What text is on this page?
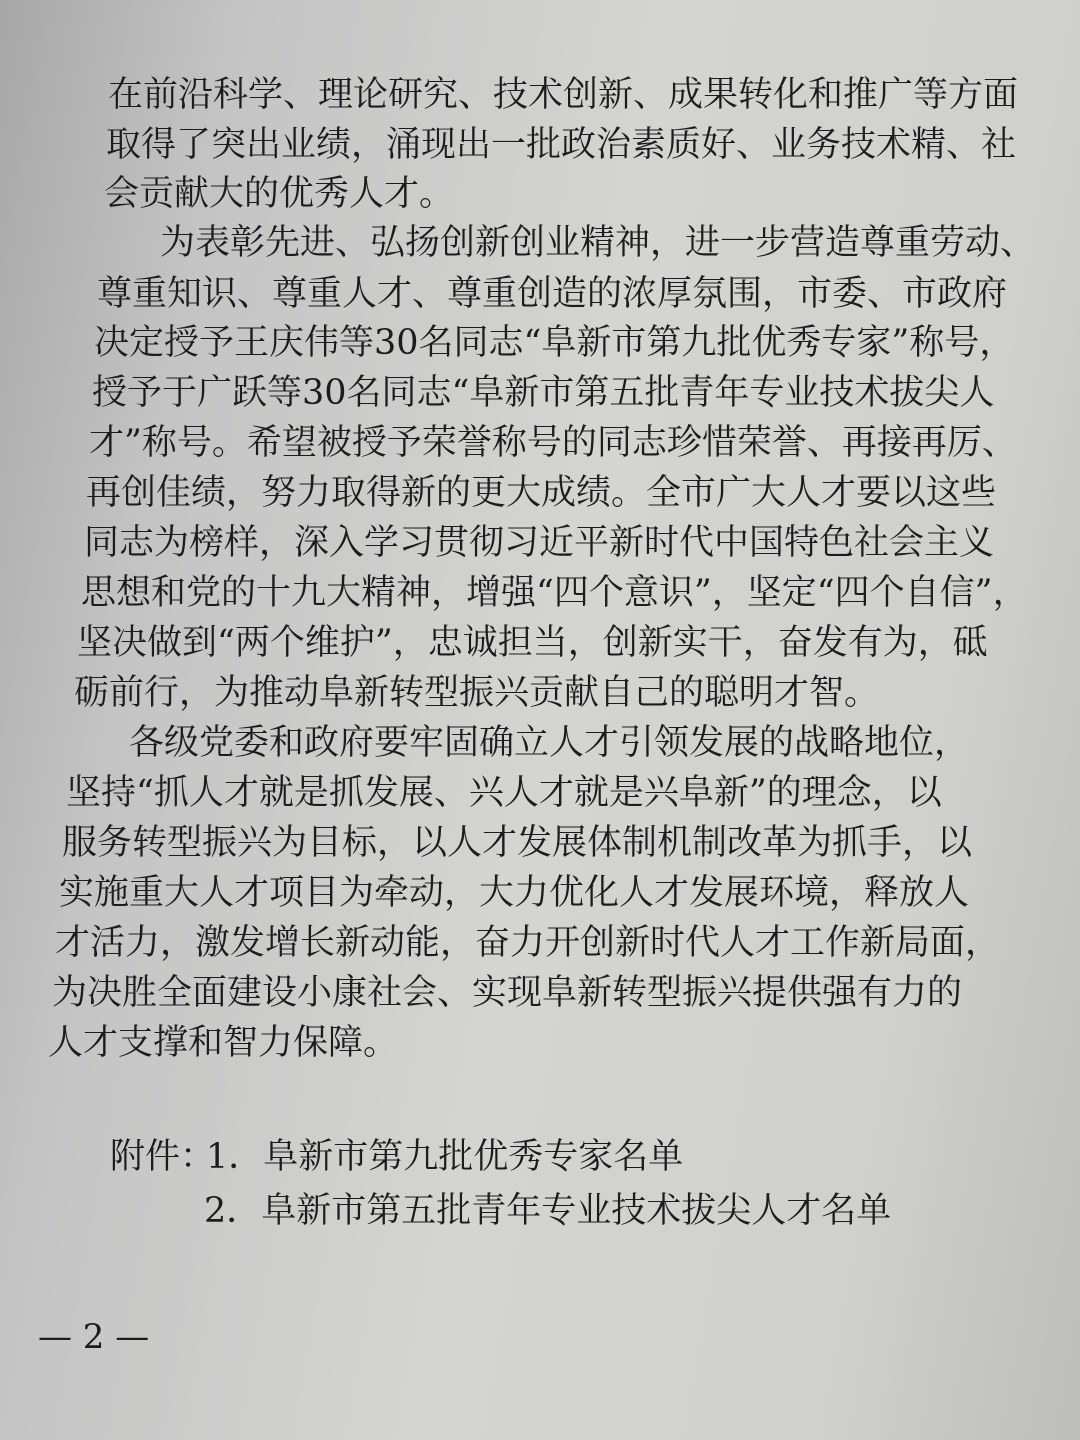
在前沿科学、理论研究、技术创新、成果转化和推广等方面
取得了突出业绩，涌现出一批政治素质好、业务技术精、社
会贡献大的优秀人才。
为表彰先进、弘扬创新创业精神，进一步营造尊重劳动、
尊重知识、尊重人才、尊重创造的浓厚氛围，市委、市政府
决定授予王庆伟等30名同志“阜新市第九批优秀专家”称号，
授予于广跃等30名同志“阜新市第五批青年专业技术拔尖人
才”称号。希望被授予荣誉称号的同志珍惜荣誉、再接再厉、
再创佳绩，努力取得新的更大成绩。全市广大人才要以这些
同志为榜样，深入学习贯彻习近平新时代中国特色社会主义
思想和党的十九大精神，增强“四个意识”，坚定“四个自信”，
坚决做到“两个维护”，忠诚担当，创新实干，奋发有为，砥
砺前行，为推动阜新转型振兴贡献自己的聪明才智。
各级党委和政府要牢固确立人才引领发展的战略地位，
坚持“抓人才就是抓发展、兴人才就是兴阜新”的理念，以
服务转型振兴为目标，以人才发展体制机制改革为抓手，以
实施重大人才项目为牵动，大力优化人才发展环境，释放人
才活力，激发增长新动能，奋力开创新时代人才工作新局面，
为决胜全面建设小康社会、实现阜新转型振兴提供强有力的
人才支撑和智力保障。
附件：
1．阜新市第九批优秀专家名单
2．阜新市第五批青年专业技术拔尖人才名单
— 2 —
